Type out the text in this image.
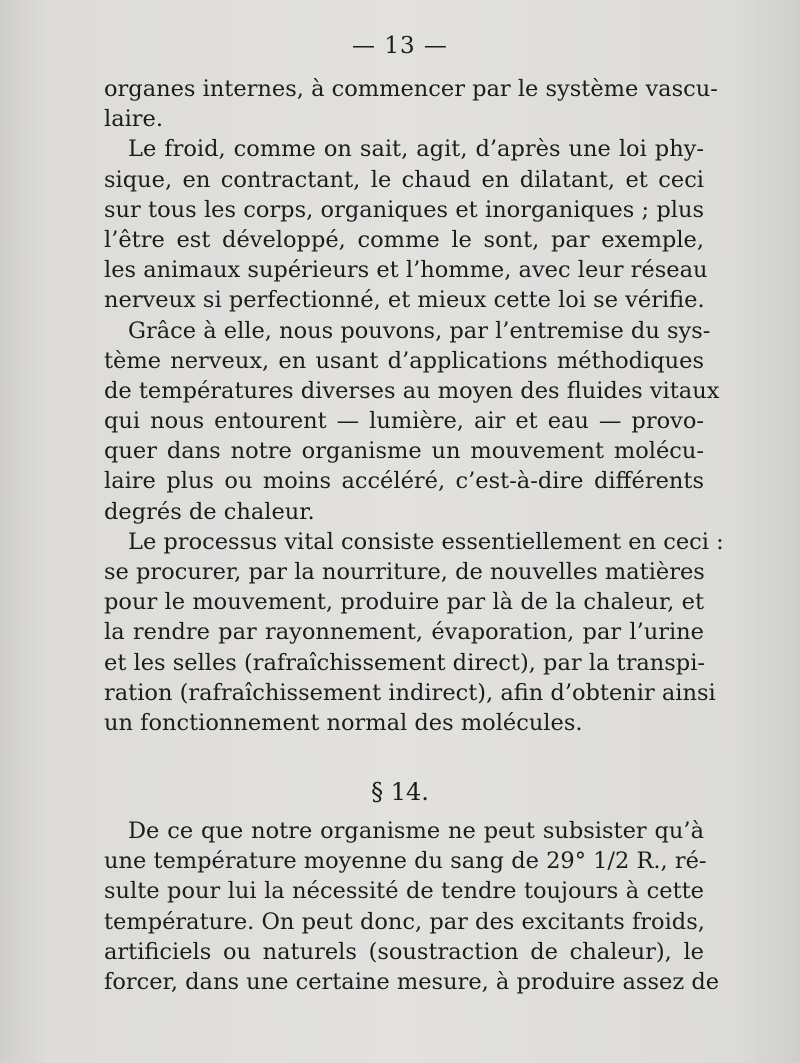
— 13 —
organes internes, à commencer par le système vascu-
laire.
Le froid, comme on sait, agit, d’après une loi phy-
sique, en contractant, le chaud en dilatant, et ceci
sur tous les corps, organiques et inorganiques ; plus
l’être est développé, comme le sont, par exemple,
les animaux supérieurs et l’homme, avec leur réseau
nerveux si perfectionné, et mieux cette loi se vérifie.
Grâce à elle, nous pouvons, par l’entremise du sys-
tème nerveux, en usant d’applications méthodiques
de températures diverses au moyen des fluides vitaux
qui nous entourent — lumière, air et eau — provo-
quer dans notre organisme un mouvement molécu-
laire plus ou moins accéléré, c’est-à-dire différents
degrés de chaleur.
Le processus vital consiste essentiellement en ceci :
se procurer, par la nourriture, de nouvelles matières
pour le mouvement, produire par là de la chaleur, et
la rendre par rayonnement, évaporation, par l’urine
et les selles (rafraîchissement direct), par la transpi-
ration (rafraîchissement indirect), afin d’obtenir ainsi
un fonctionnement normal des molécules.
§ 14.
De ce que notre organisme ne peut subsister qu’à
une température moyenne du sang de 29° 1/2 R., ré-
sulte pour lui la nécessité de tendre toujours à cette
température. On peut donc, par des excitants froids,
artificiels ou naturels (soustraction de chaleur), le
forcer, dans une certaine mesure, à produire assez de
